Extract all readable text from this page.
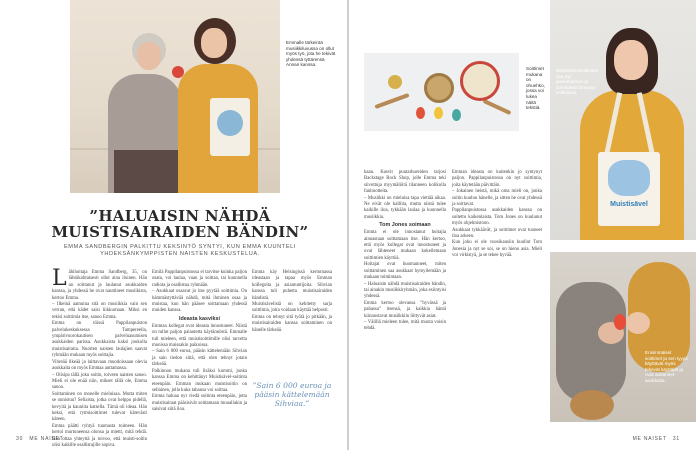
Emmalle tärkeintä musiikkiluvussa on ollut myös työ, jota he tekivät yhdessä tyttärensä Annan kanssa.
”HALUAISIN NÄHDÄ MUISTISAIRAIDEN BÄNDIN”
EMMA SANDBERGIN PALKITTU KEKSINTÖ SYNTYI, KUN EMMA KUUNTELI YHDEKSÄNKYMPPISTEN NAISTEN KESKUSTELUA.
L ähihoitaja Emma Sandberg, 35, on lähtökohtaisesti ollut aina iloinen. Hän on soittanut ja laulanut asukkaiden kanssa, ja yhdessä he ovat nauttineet musiikista, kertoo Emma.

– Ilkeinä aamuina sitä on musiikkia vain sen verran, että kädet saisi liikkumaan. Miksi en tekisi soittimia itse, sanoo Emma.

Emma on töissä Pappilanpuiston palvelukeskuksessa Tampereella, ympärivuorokautisen palveluasumisen asukkaiden parissa. Asukkaista kaksi joukolla muistisairaita. Nuorten naisten laulajien saavat ryhmään mukaan myös soittajia.

Vihreää ilkeää ja laittavaan muodoissaan olevia asukkaita on myös Emmaa auttamassa.

– Olisipa tällä joku soitin, toiveen naisten sanoo. Mieli ei ole enää niin, mikset tällä ole, Emma sanoo.

Soittaminen on monelle mieluisaa. Mutta miten se onnistuu? Sellaista, jotka ovat helppo pidellä, kevyitä ja kauniita katsella. Tämä oli ideaa. Hän keksi, että rytmisoittimet tulevat kätevästi käteen.

Emma päätti ryhtyä tuumasta toimeen. Hän kertoi murtuneensa olonsa ja mietti, mitä tehdä. Hän ottaa yhteyttä ja toivoo, että muisti-soitin olisi kaikille osallistujille sopiva.

Emilä Pappilanpuistossa ei tarvitse kuinka paljon osata, voi laulaa, vaan ja soittaa, tai kuunnella radiota ja osallistua ryhmään.

– Asukkaat osaavat jo itse pyytää soittimia. On hämmästyttävää nähdä, mitä ihminen osaa ja muistaa, kun hän pääsee soittamaan yhdessä muiden kanssa.

Ideasta kasviksi

Emman kollegat ovat ideasta innostuneet. Niistä on tullut paljon palautetta käytännöstä. Emmalle tuli mieleen, että muistisoittimille olisi tarvetta monissa muissakin paikoissa.

– Sain 6 000 euroa, pääsin kättelemään Sihvian ja sain tiedon siitä, että olen tehnyt jotain tärkeää.

Palkinnon mukana tuli lisäksi kummi, jonka kanssa Emma on kehittänyt Muistisävel-soitinta eteenpäin. Emman mukaan muistisoitin on sellainen, jolla kuka tahansa voi soittaa.

Emma haluaa nyt viedä soitinta eteenpäin, jotta muistisairaat pääsisivät soittamaan muuallakin ja saisivat siitä iloa.

Emma käy Helsingissä kertomassa ideastaan ja tapaa myös Emman kollegoita ja asiantuntijoita. Sihvian kanssa tuli puhetta muistisairaiden bändistä.

Muistisävelistä on kehitetty sarja soittimia, joita voidaan käyttää helposti.

Emma on tehnyt sitä työtä jo pitkään, ja muistisairaiden kanssa soittaminen on hänelle tärkeää.

”Sain 6 000 euroa ja pääsin kättelemään Sihviaa.”
30 ME NAISET
Soittimet mukana on ohuehko, jossa voi lukea näitä tekstiä.
Muistisävel
Muistisävelsoittimien saa nyt jäsenmaksun ja toimitukset Emman soittimista.

kaan. Kasvit puutarhureiden tarjosi Backstage Rock Shop, jolle Emma teki siivottuja myymälöitä tilanneen kolikolla fanituotteita.

– Musiikki on mieluisa tapa viettää aikaa. Ne eivät ole kalliita, mutta niistä tulee kaikille iloa, tykkään laulaa ja kuunnella musiikkia.

Tom Jones soimaan

Emma ei ole innostanut hoitajia ainoastaan soittamaan itse. Hän kertoo, että myös kollegat ovat innostuneet ja ovat lähteneet mukaan kokeilemaan soittimien käyttöä.

Hoitajat ovat huomanneet, miten soittaminen saa asukkaat hymyilemään ja mukaan toimintaan.

– Haluaisin nähdä muistisairaiden bändin, tai ainakin musiikkiryhmän, joka esiintyisi yhdessä.

Emma kertoo olevansa ”hyvässä ja pahassa” itsensä, ja kaikkia häntä kiinnostavat musiikkiin liittyvät asiat.

– Välillä mieleen tulee, mitä muuta voisin tehdä.

Emman ideasta on kuitenkin jo syntynyt paljon. Pappilanpuistossa on nyt soittimia, joita käytetään päivittäin.

– Jokainen heistä, mikä oma mieli on, jonka soitin kuuluu hänelle, ja sitten he ovat yhdessä ja soittavat.

Pappilanpuistossa asukkaiden kanssa on soitettu kaikenlaista. Tom Jones on kuulunut myös ohjelmistoon.

Asukkaat tykkäävät, ja soittimet ovat tuoneet iloa arkeen.

Kun joku ei ole vuosikausiin kuullut Tom Jonesia ja nyt se soi, se on hieno asia. Mieli voi virkistyä, ja se tekee hyvää.

Ensimmäiset soittimet ja sen tyypit käyttävät myös tekevät käyttäjät ja ovat auttaneet asukkaita.
ME NAISET 31
